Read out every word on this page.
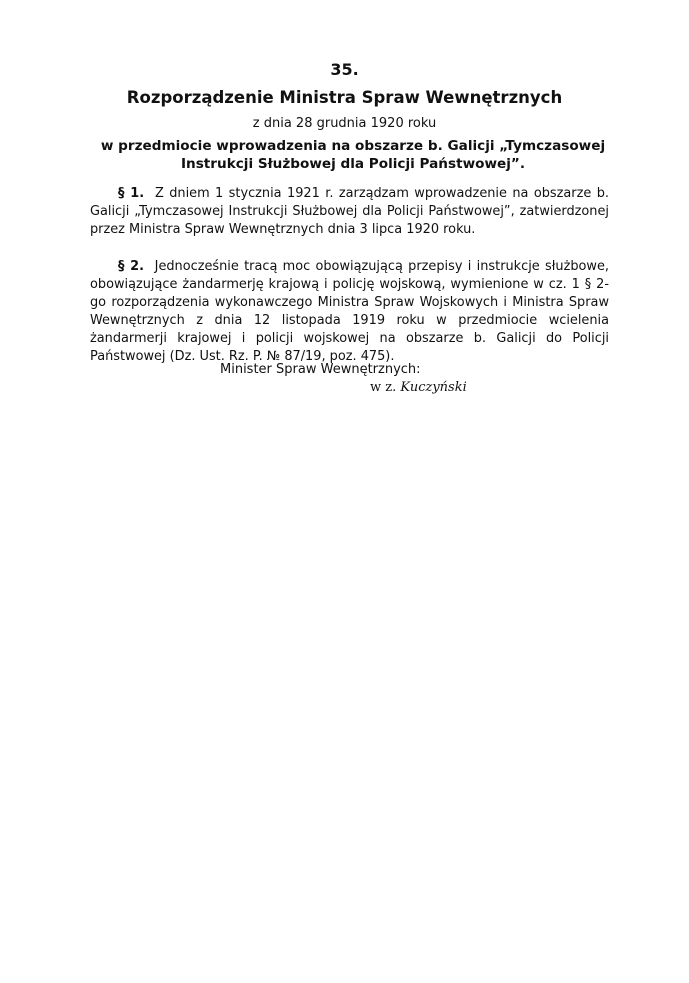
35.
Rozporządzenie Ministra Spraw Wewnętrznych
z dnia 28 grudnia 1920 roku
w przedmiocie wprowadzenia na obszarze b. Galicji „Tymczasowej Instrukcji Służbowej dla Policji Państwowej”.
§ 1. Z dniem 1 stycznia 1921 r. zarządzam wprowadzenie na obszarze b. Galicji „Tymczasowej Instrukcji Służbowej dla Policji Państwowej”, zatwierdzonej przez Ministra Spraw Wewnętrznych dnia 3 lipca 1920 roku.
§ 2. Jednocześnie tracą moc obowiązującą przepisy i instrukcje służbowe, obowiązujące żandarmerję krajową i policję wojskową, wymienione w cz. 1 § 2-go rozporządzenia wykonawczego Ministra Spraw Wojskowych i Ministra Spraw Wewnętrznych z dnia 12 listopada 1919 roku w przedmiocie wcielenia żandarmerji krajowej i policji wojskowej na obszarze b. Galicji do Policji Państwowej (Dz. Ust. Rz. P. № 87/19, poz. 475).
Minister Spraw Wewnętrznych:
w z. Kuczyński
